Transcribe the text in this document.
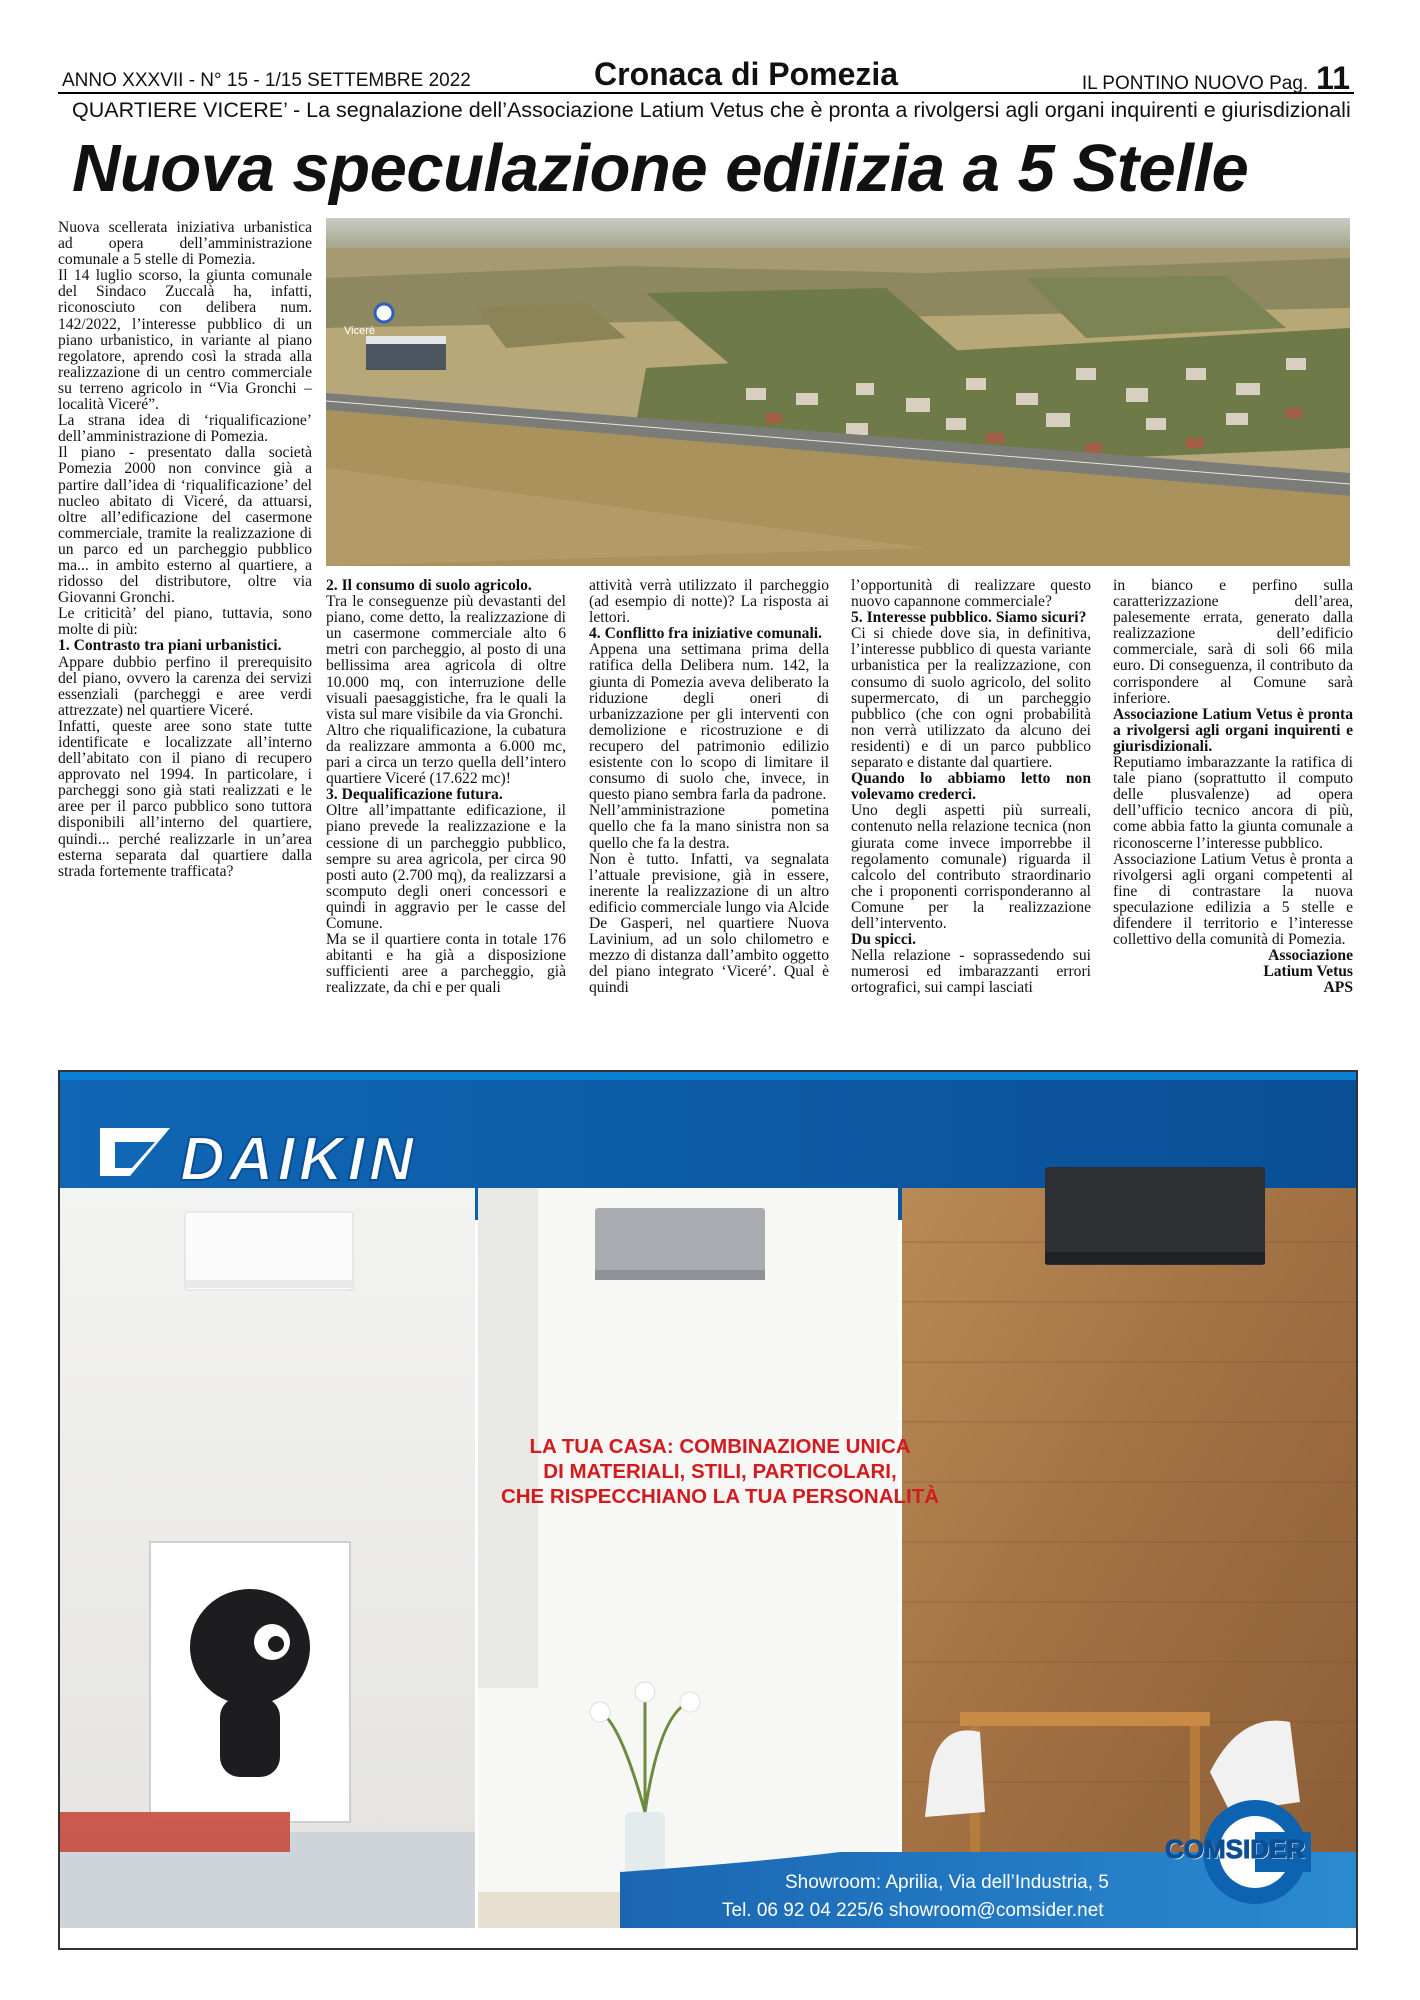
ANNO XXXVII - N° 15 - 1/15 SETTEMBRE 2022	Cronaca di Pomezia	IL PONTINO NUOVO Pag. 11
QUARTIERE VICERE’ - La segnalazione dell’Associazione Latium Vetus che è pronta a rivolgersi agli organi inquirenti e giurisdizionali
Nuova speculazione edilizia a 5 Stelle
Vicerè

Nuova scellerata iniziativa urbanistica ad opera dell’amministrazione comunale a 5 stelle di Pomezia.

Il 14 luglio scorso, la giunta comunale del Sindaco Zuccalà ha, infatti, riconosciuto con delibera num. 142/2022, l’interesse pubblico di un piano urbanistico, in variante al piano regolatore, aprendo così la strada alla realizzazione di un centro commerciale su terreno agricolo in “Via Gronchi – località Viceré”.

La strana idea di ‘riqualificazione’ dell’amministrazione di Pomezia.

Il piano - presentato dalla società Pomezia 2000 non convince già a partire dall’idea di ‘riqualificazione’ del nucleo abitato di Viceré, da attuarsi, oltre all’edificazione del casermone commerciale, tramite la realizzazione di un parco ed un parcheggio pubblico ma... in ambito esterno al quartiere, a ridosso del distributore, oltre via Giovanni Gronchi.

Le criticità’ del piano, tuttavia, sono molte di più:

1. Contrasto tra piani urbanistici.

Appare dubbio perfino il prerequisito del piano, ovvero la carenza dei servizi essenziali (parcheggi e aree verdi attrezzate) nel quartiere Viceré.

Infatti, queste aree sono state tutte identificate e localizzate all’interno dell’abitato con il piano di recupero approvato nel 1994. In particolare, i parcheggi sono già stati realizzati e le aree per il parco pubblico sono tuttora disponibili all’interno del quartiere, quindi... perché realizzarle in un’area esterna separata dal quartiere dalla strada fortemente trafficata?

2. Il consumo di suolo agricolo.

Tra le conseguenze più devastanti del piano, come detto, la realizzazione di un casermone commerciale alto 6 metri con parcheggio, al posto di una bellissima area agricola di oltre 10.000 mq, con interruzione delle visuali paesaggistiche, fra le quali la vista sul mare visibile da via Gronchi.

Altro che riqualificazione, la cubatura da realizzare ammonta a 6.000 mc, pari a circa un terzo quella dell’intero quartiere Viceré (17.622 mc)!

3. Dequalificazione futura.

Oltre all’impattante edificazione, il piano prevede la realizzazione e la cessione di un parcheggio pubblico, sempre su area agricola, per circa 90 posti auto (2.700 mq), da realizzarsi a scomputo degli oneri concessori e quindi in aggravio per le casse del Comune.

Ma se il quartiere conta in totale 176 abitanti e ha già a disposizione sufficienti aree a parcheggio, già realizzate, da chi e per quali

attività verrà utilizzato il parcheggio (ad esempio di notte)? La risposta ai lettori.

4. Conflitto fra iniziative comunali.

Appena una settimana prima della ratifica della Delibera num. 142, la giunta di Pomezia aveva deliberato la riduzione degli oneri di urbanizzazione per gli interventi con demolizione e ricostruzione e di recupero del patrimonio edilizio esistente con lo scopo di limitare il consumo di suolo che, invece, in questo piano sembra farla da padrone.

Nell’amministrazione pometina quello che fa la mano sinistra non sa quello che fa la destra.

Non è tutto. Infatti, va segnalata l’attuale previsione, già in essere, inerente la realizzazione di un altro edificio commerciale lungo via Alcide De Gasperi, nel quartiere Nuova Lavinium, ad un solo chilometro e mezzo di distanza dall’ambito oggetto del piano integrato ‘Viceré’. Qual è quindi

l’opportunità di realizzare questo nuovo capannone commerciale?

5. Interesse pubblico. Siamo sicuri?

Ci si chiede dove sia, in definitiva, l’interesse pubblico di questa variante urbanistica per la realizzazione, con consumo di suolo agricolo, del solito supermercato, di un parcheggio pubblico (che con ogni probabilità non verrà utilizzato da alcuno dei residenti) e di un parco pubblico separato e distante dal quartiere.

Quando lo abbiamo letto non volevamo crederci.

Uno degli aspetti più surreali, contenuto nella relazione tecnica (non giurata come invece imporrebbe il regolamento comunale) riguarda il calcolo del contributo straordinario che i proponenti corrisponderanno al Comune per la realizzazione dell’intervento.

Du spicci.

Nella relazione - soprassedendo sui numerosi ed imbarazzanti errori ortografici, sui campi lasciati

in bianco e perfino sulla caratterizzazione dell’area, palesemente errata, generato dalla realizzazione dell’edificio commerciale, sarà di soli 66 mila euro. Di conseguenza, il contributo da corrispondere al Comune sarà inferiore.

Associazione Latium Vetus è pronta a rivolgersi agli organi inquirenti e giurisdizionali.

Reputiamo imbarazzante la ratifica di tale piano (soprattutto il computo delle plusvalenze) ad opera dell’ufficio tecnico ancora di più, come abbia fatto la giunta comunale a riconoscerne l’interesse pubblico.

Associazione Latium Vetus è pronta a rivolgersi agli organi competenti al fine di contrastare la nuova speculazione edilizia a 5 stelle e difendere il territorio e l’interesse collettivo della comunità di Pomezia.

Associazione

Latium Vetus

APS

DAIKIN
LA TUA CASA: COMBINAZIONE UNICA
DI MATERIALI, STILI, PARTICOLARI,
CHE RISPECCHIANO LA TUA PERSONALITÀ
COMSIDER
Showroom: Aprilia, Via dell’Industria, 5
Tel. 06 92 04 225/6 showroom@comsider.net
